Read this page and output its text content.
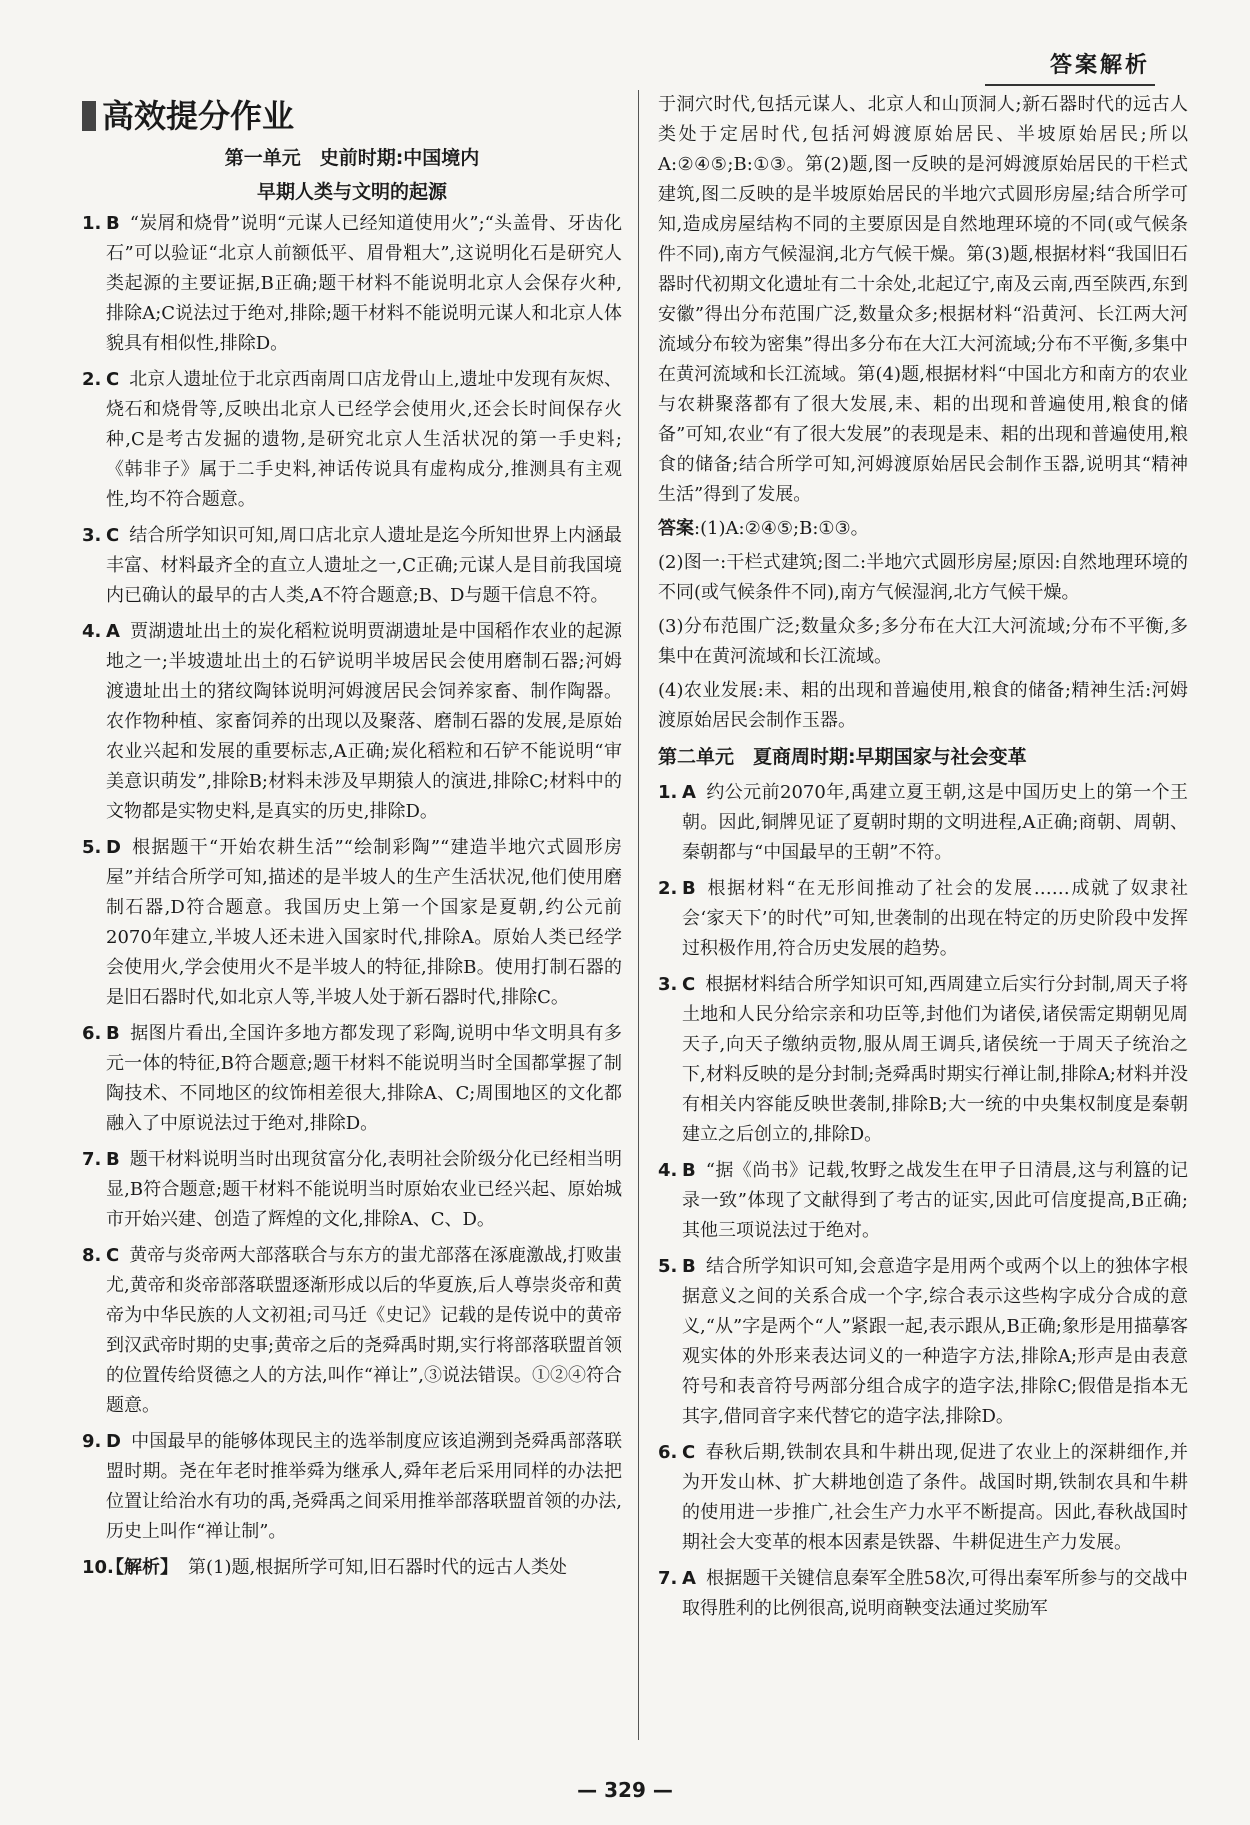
答案解析
高效提分作业
第一单元　史前时期:中国境内
早期人类与文明的起源
1. B “炭屑和烧骨”说明“元谋人已经知道使用火”;“头盖骨、牙齿化石”可以验证“北京人前额低平、眉骨粗大”,这说明化石是研究人类起源的主要证据,B正确;题干材料不能说明北京人会保存火种,排除A;C说法过于绝对,排除;题干材料不能说明元谋人和北京人体貌具有相似性,排除D。
2. C 北京人遗址位于北京西南周口店龙骨山上,遗址中发现有灰烬、烧石和烧骨等,反映出北京人已经学会使用火,还会长时间保存火种,C是考古发掘的遗物,是研究北京人生活状况的第一手史料;《韩非子》属于二手史料,神话传说具有虚构成分,推测具有主观性,均不符合题意。
3. C 结合所学知识可知,周口店北京人遗址是迄今所知世界上内涵最丰富、材料最齐全的直立人遗址之一,C正确;元谋人是目前我国境内已确认的最早的古人类,A不符合题意;B、D与题干信息不符。
4. A 贾湖遗址出土的炭化稻粒说明贾湖遗址是中国稻作农业的起源地之一;半坡遗址出土的石铲说明半坡居民会使用磨制石器;河姆渡遗址出土的猪纹陶钵说明河姆渡居民会饲养家畜、制作陶器。农作物种植、家畜饲养的出现以及聚落、磨制石器的发展,是原始农业兴起和发展的重要标志,A正确;炭化稻粒和石铲不能说明“审美意识萌发”,排除B;材料未涉及早期猿人的演进,排除C;材料中的文物都是实物史料,是真实的历史,排除D。
5. D 根据题干“开始农耕生活”“绘制彩陶”“建造半地穴式圆形房屋”并结合所学可知,描述的是半坡人的生产生活状况,他们使用磨制石器,D符合题意。我国历史上第一个国家是夏朝,约公元前2070年建立,半坡人还未进入国家时代,排除A。原始人类已经学会使用火,学会使用火不是半坡人的特征,排除B。使用打制石器的是旧石器时代,如北京人等,半坡人处于新石器时代,排除C。
6. B 据图片看出,全国许多地方都发现了彩陶,说明中华文明具有多元一体的特征,B符合题意;题干材料不能说明当时全国都掌握了制陶技术、不同地区的纹饰相差很大,排除A、C;周围地区的文化都融入了中原说法过于绝对,排除D。
7. B 题干材料说明当时出现贫富分化,表明社会阶级分化已经相当明显,B符合题意;题干材料不能说明当时原始农业已经兴起、原始城市开始兴建、创造了辉煌的文化,排除A、C、D。
8. C 黄帝与炎帝两大部落联合与东方的蚩尤部落在涿鹿激战,打败蚩尤,黄帝和炎帝部落联盟逐渐形成以后的华夏族,后人尊崇炎帝和黄帝为中华民族的人文初祖;司马迁《史记》记载的是传说中的黄帝到汉武帝时期的史事;黄帝之后的尧舜禹时期,实行将部落联盟首领的位置传给贤德之人的方法,叫作“禅让”,③说法错误。①②④符合题意。
9. D 中国最早的能够体现民主的选举制度应该追溯到尧舜禹部落联盟时期。尧在年老时推举舜为继承人,舜年老后采用同样的办法把位置让给治水有功的禹,尧舜禹之间采用推举部落联盟首领的办法,历史上叫作“禅让制”。
10.
【解析】 第(1)题,根据所学可知,旧石器时代的远古人类处
于洞穴时代,包括元谋人、北京人和山顶洞人;新石器时代的远古人类处于定居时代,包括河姆渡原始居民、半坡原始居民;所以A:②④⑤;B:①③。第(2)题,图一反映的是河姆渡原始居民的干栏式建筑,图二反映的是半坡原始居民的半地穴式圆形房屋;结合所学可知,造成房屋结构不同的主要原因是自然地理环境的不同(或气候条件不同),南方气候湿润,北方气候干燥。第(3)题,根据材料“我国旧石器时代初期文化遗址有二十余处,北起辽宁,南及云南,西至陕西,东到安徽”得出分布范围广泛,数量众多;根据材料“沿黄河、长江两大河流域分布较为密集”得出多分布在大江大河流域;分布不平衡,多集中在黄河流域和长江流域。第(4)题,根据材料“中国北方和南方的农业与农耕聚落都有了很大发展,耒、耜的出现和普遍使用,粮食的储备”可知,农业“有了很大发展”的表现是耒、耜的出现和普遍使用,粮食的储备;结合所学可知,河姆渡原始居民会制作玉器,说明其“精神生活”得到了发展。
答案:(1)A:②④⑤;B:①③。
(2)图一:干栏式建筑;图二:半地穴式圆形房屋;原因:自然地理环境的不同(或气候条件不同),南方气候湿润,北方气候干燥。
(3)分布范围广泛;数量众多;多分布在大江大河流域;分布不平衡,多集中在黄河流域和长江流域。
(4)农业发展:耒、耜的出现和普遍使用,粮食的储备;精神生活:河姆渡原始居民会制作玉器。
第二单元　夏商周时期:早期国家与社会变革
1. A 约公元前2070年,禹建立夏王朝,这是中国历史上的第一个王朝。因此,铜牌见证了夏朝时期的文明进程,A正确;商朝、周朝、秦朝都与“中国最早的王朝”不符。
2. B 根据材料“在无形间推动了社会的发展……成就了奴隶社会‘家天下’的时代”可知,世袭制的出现在特定的历史阶段中发挥过积极作用,符合历史发展的趋势。
3. C 根据材料结合所学知识可知,西周建立后实行分封制,周天子将土地和人民分给宗亲和功臣等,封他们为诸侯,诸侯需定期朝见周天子,向天子缴纳贡物,服从周王调兵,诸侯统一于周天子统治之下,材料反映的是分封制;尧舜禹时期实行禅让制,排除A;材料并没有相关内容能反映世袭制,排除B;大一统的中央集权制度是秦朝建立之后创立的,排除D。
4. B “据《尚书》记载,牧野之战发生在甲子日清晨,这与利簋的记录一致”体现了文献得到了考古的证实,因此可信度提高,B正确;其他三项说法过于绝对。
5. B 结合所学知识可知,会意造字是用两个或两个以上的独体字根据意义之间的关系合成一个字,综合表示这些构字成分合成的意义,“从”字是两个“人”紧跟一起,表示跟从,B正确;象形是用描摹客观实体的外形来表达词义的一种造字方法,排除A;形声是由表意符号和表音符号两部分组合成字的造字法,排除C;假借是指本无其字,借同音字来代替它的造字法,排除D。
6. C 春秋后期,铁制农具和牛耕出现,促进了农业上的深耕细作,并为开发山林、扩大耕地创造了条件。战国时期,铁制农具和牛耕的使用进一步推广,社会生产力水平不断提高。因此,春秋战国时期社会大变革的根本因素是铁器、牛耕促进生产力发展。
7. A 根据题干关键信息秦军全胜58次,可得出秦军所参与的交战中取得胜利的比例很高,说明商鞅变法通过奖励军
— 329 —
